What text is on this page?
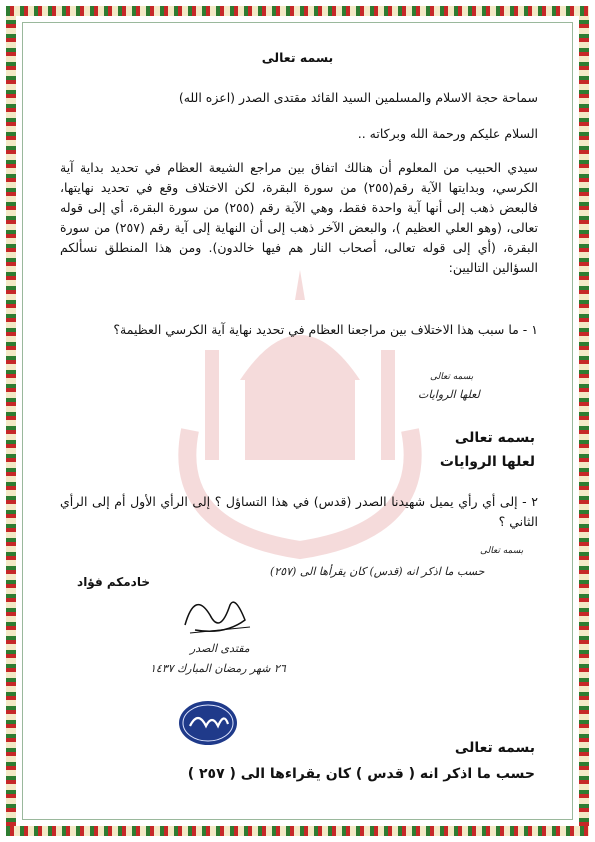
بسمه تعالى
سماحة حجة الاسلام والمسلمين السيد القائد مقتدى الصدر (اعزه الله)
السلام عليكم ورحمة الله وبركاته ..
سيدي الحبيب من المعلوم أن هنالك اتفاق بين مراجع الشيعة العظام في تحديد بداية آية الكرسي، وبدايتها الآية رقم(٢٥٥) من سورة البقرة، لكن الاختلاف وقع في تحديد نهايتها، فالبعض ذهب إلى أنها آية واحدة فقط، وهي الآية رقم (٢٥٥) من سورة البقرة، أي إلى قوله تعالى، (وهو العلي العظيم )، والبعض الآخر ذهب إلى أن النهاية إلى آية رقم (٢٥٧) من سورة البقرة، (أي إلى قوله تعالى، أصحاب النار هم فيها خالدون). ومن هذا المنطلق نسألكم السؤالين التاليين:
١ - ما سبب هذا الاختلاف بين مراجعنا العظام في تحديد نهاية آية الكرسي العظيمة؟
بسمه تعالى
لعلها الروايات
بسمه تعالى
لعلها الروايات
٢ - إلى أي رأي يميل شهيدنا الصدر (قدس) في هذا التساؤل ؟ إلى الرأي الأول أم إلى الرأي الثاني ؟
بسمه تعالى
حسب ما اذكر انه (قدس) كان يقرأها الى (٢٥٧)
خادمكم فؤاد
مقتدى الصدر
٢٦ شهر رمضان المبارك ١٤٣٧
بسمه تعالى
حسب ما اذكر انه ( قدس ) كان يقراءها الى ( ٢٥٧ )
